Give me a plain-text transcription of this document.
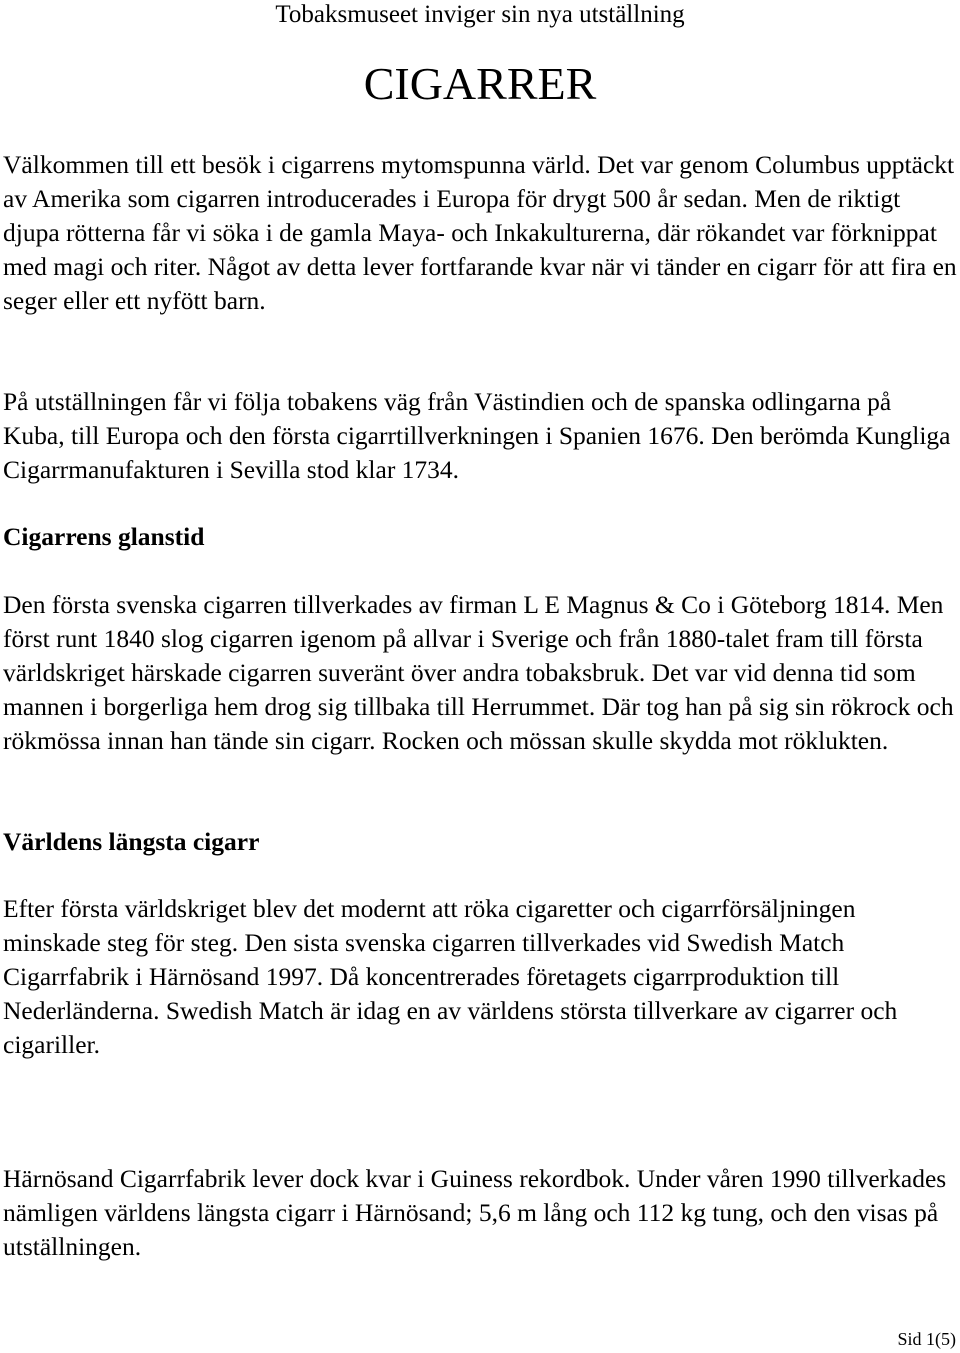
Tobaksmuseet inviger sin nya utställning
CIGARRER

Välkommen till ett besök i cigarrens mytomspunna värld. Det var genom Columbus upptäckt av Amerika som cigarren introducerades i Europa för drygt 500 år sedan. Men de riktigt djupa rötterna får vi söka i de gamla Maya- och Inkakulturerna, där rökandet var förknippat med magi och riter. Något av detta lever fortfarande kvar när vi tänder en cigarr för att fira en seger eller ett nyfött barn.

På utställningen får vi följa tobakens väg från Västindien och de spanska odlingarna på Kuba, till Europa och den första cigarrtillverkningen i Spanien 1676. Den berömda Kungliga Cigarrmanufakturen i Sevilla stod klar 1734.

Cigarrens glanstid

Den första svenska cigarren tillverkades av firman L E Magnus & Co i Göteborg 1814. Men först runt 1840 slog cigarren igenom på allvar i Sverige och från 1880-talet fram till första världskriget härskade cigarren suveränt över andra tobaksbruk. Det var vid denna tid som mannen i borgerliga hem drog sig tillbaka till Herrummet. Där tog han på sig sin rökrock och rökmössa innan han tände sin cigarr. Rocken och mössan skulle skydda mot röklukten.

Världens längsta cigarr

Efter första världskriget blev det modernt att röka cigaretter och cigarrförsäljningen minskade steg för steg. Den sista svenska cigarren tillverkades vid Swedish Match Cigarrfabrik i Härnösand 1997. Då koncentrerades företagets cigarrproduktion till Nederländerna. Swedish Match är idag en av världens största tillverkare av cigarrer och cigariller.

Härnösand Cigarrfabrik lever dock kvar i Guiness rekordbok. Under våren 1990 tillverkades nämligen världens längsta cigarr i Härnösand; 5,6 m lång och 112 kg tung, och den visas på utställningen.

Sid 1(5)
